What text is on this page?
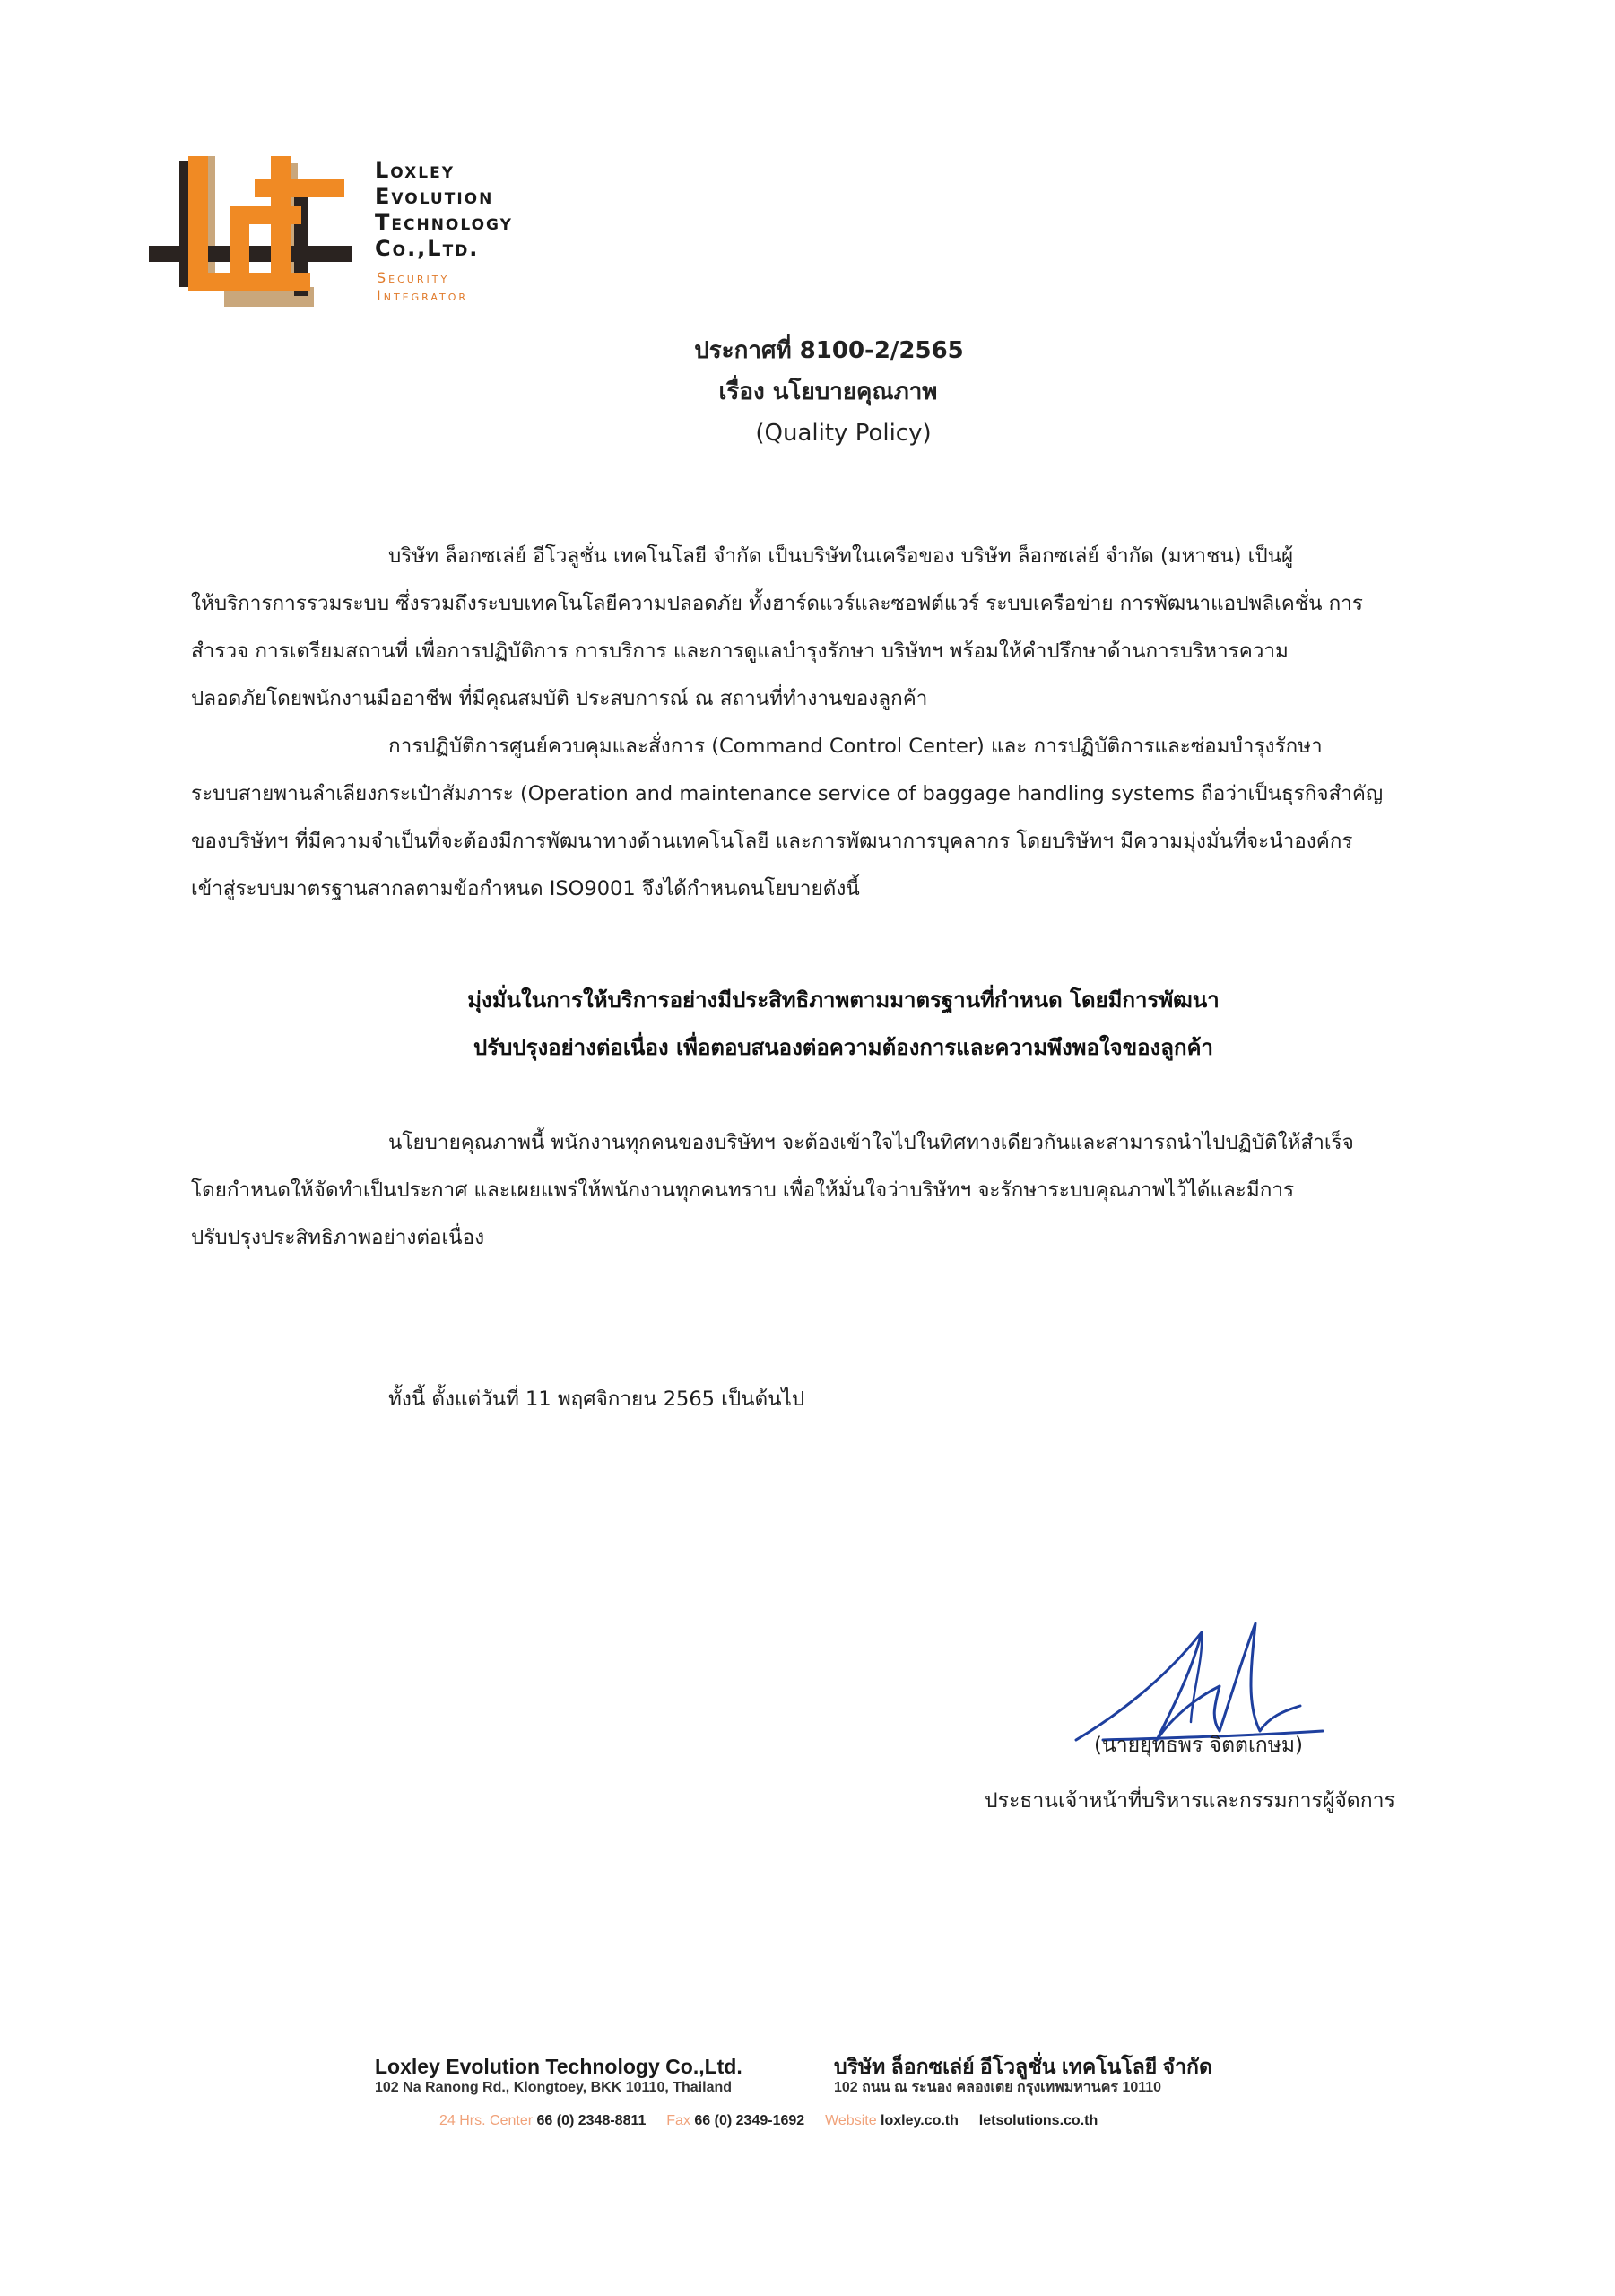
Loxley
Evolution
Technology
Co.,Ltd.
Security
Integrator
ประกาศที่ 8100-2/2565
เรื่อง นโยบายคุณภาพ
(Quality Policy)
บริษัท ล็อกซเล่ย์ อีโวลูชั่น เทคโนโลยี จำกัด เป็นบริษัทในเครือของ บริษัท ล็อกซเล่ย์ จำกัด (มหาชน) เป็นผู้
ให้บริการการรวมระบบ ซึ่งรวมถึงระบบเทคโนโลยีความปลอดภัย ทั้งฮาร์ดแวร์และซอฟต์แวร์ ระบบเครือข่าย การพัฒนาแอปพลิเคชั่น การ
สำรวจ การเตรียมสถานที่ เพื่อการปฏิบัติการ การบริการ และการดูแลบำรุงรักษา บริษัทฯ พร้อมให้คำปรึกษาด้านการบริหารความ
ปลอดภัยโดยพนักงานมืออาชีพ ที่มีคุณสมบัติ ประสบการณ์ ณ สถานที่ทำงานของลูกค้า
การปฏิบัติการศูนย์ควบคุมและสั่งการ (Command Control Center) และ การปฏิบัติการและซ่อมบำรุงรักษา
ระบบสายพานลำเลียงกระเป๋าสัมภาระ (Operation and maintenance service of baggage handling systems ถือว่าเป็นธุรกิจสำคัญ
ของบริษัทฯ ที่มีความจำเป็นที่จะต้องมีการพัฒนาทางด้านเทคโนโลยี และการพัฒนาการบุคลากร โดยบริษัทฯ มีความมุ่งมั่นที่จะนำองค์กร
เข้าสู่ระบบมาตรฐานสากลตามข้อกำหนด ISO9001 จึงได้กำหนดนโยบายดังนี้
มุ่งมั่นในการให้บริการอย่างมีประสิทธิภาพตามมาตรฐานที่กำหนด โดยมีการพัฒนา
ปรับปรุงอย่างต่อเนื่อง เพื่อตอบสนองต่อความต้องการและความพึงพอใจของลูกค้า
นโยบายคุณภาพนี้ พนักงานทุกคนของบริษัทฯ จะต้องเข้าใจไปในทิศทางเดียวกันและสามารถนำไปปฏิบัติให้สำเร็จ
โดยกำหนดให้จัดทำเป็นประกาศ และเผยแพร่ให้พนักงานทุกคนทราบ เพื่อให้มั่นใจว่าบริษัทฯ จะรักษาระบบคุณภาพไว้ได้และมีการ
ปรับปรุงประสิทธิภาพอย่างต่อเนื่อง
ทั้งนี้ ตั้งแต่วันที่ 11 พฤศจิกายน 2565 เป็นต้นไป
(นายยุทธพร จิตตเกษม)
ประธานเจ้าหน้าที่บริหารและกรรมการผู้จัดการ
Loxley Evolution Technology Co.,Ltd.
102 Na Ranong Rd., Klongtoey, BKK 10110, Thailand
บริษัท ล็อกซเล่ย์ อีโวลูชั่น เทคโนโลยี จำกัด
102 ถนน ณ ระนอง คลองเตย กรุงเทพมหานคร 10110
24 Hrs. Center 66 (0) 2348-8811 Fax 66 (0) 2349-1692 Website loxley.co.th letsolutions.co.th
